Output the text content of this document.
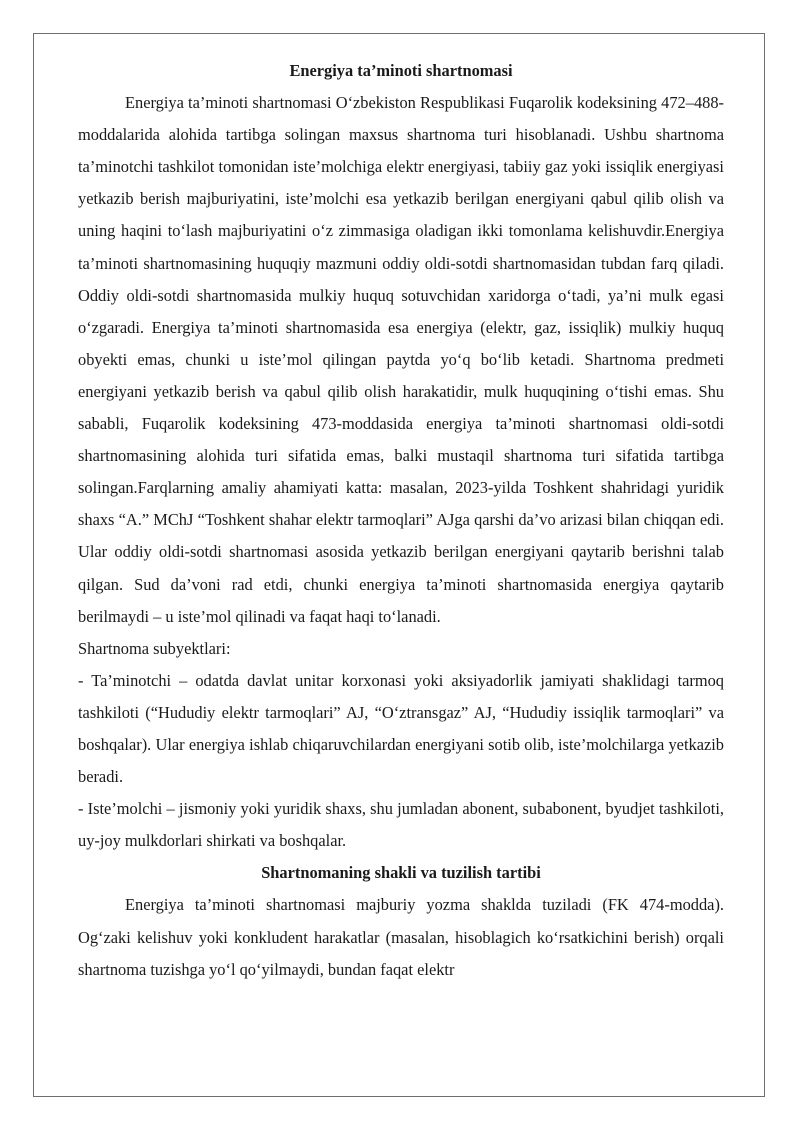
Energiya ta’minoti shartnomasi

Energiya ta’minoti shartnomasi O‘zbekiston Respublikasi Fuqarolik kodeksining 472–488-moddalarida alohida tartibga solingan maxsus shartnoma turi hisoblanadi. Ushbu shartnoma ta’minotchi tashkilot tomonidan iste’molchiga elektr energiyasi, tabiiy gaz yoki issiqlik energiyasi yetkazib berish majburiyatini, iste’molchi esa yetkazib berilgan energiyani qabul qilib olish va uning haqini to‘lash majburiyatini o‘z zimmasiga oladigan ikki tomonlama kelishuvdir.Energiya ta’minoti shartnomasining huquqiy mazmuni oddiy oldi-sotdi shartnomasidan tubdan farq qiladi. Oddiy oldi-sotdi shartnomasida mulkiy huquq sotuvchidan xaridorga o‘tadi, ya’ni mulk egasi o‘zgaradi. Energiya ta’minoti shartnomasida esa energiya (elektr, gaz, issiqlik) mulkiy huquq obyekti emas, chunki u iste’mol qilingan paytda yo‘q bo‘lib ketadi. Shartnoma predmeti energiyani yetkazib berish va qabul qilib olish harakatidir, mulk huquqining o‘tishi emas. Shu sababli, Fuqarolik kodeksining 473-moddasida energiya ta’minoti shartnomasi oldi-sotdi shartnomasining alohida turi sifatida emas, balki mustaqil shartnoma turi sifatida tartibga solingan.Farqlarning amaliy ahamiyati katta: masalan, 2023-yilda Toshkent shahridagi yuridik shaxs “A.” MChJ “Toshkent shahar elektr tarmoqlari” AJga qarshi da’vo arizasi bilan chiqqan edi. Ular oddiy oldi-sotdi shartnomasi asosida yetkazib berilgan energiyani qaytarib berishni talab qilgan. Sud da’voni rad etdi, chunki energiya ta’minoti shartnomasida energiya qaytarib berilmaydi – u iste’mol qilinadi va faqat haqi to‘lanadi.

Shartnoma subyektlari:

- Ta’minotchi – odatda davlat unitar korxonasi yoki aksiyadorlik jamiyati shaklidagi tarmoq tashkiloti (“Hududiy elektr tarmoqlari” AJ, “O‘ztransgaz” AJ, “Hududiy issiqlik tarmoqlari” va boshqalar). Ular energiya ishlab chiqaruvchilardan energiyani sotib olib, iste’molchilarga yetkazib beradi.

- Iste’molchi – jismoniy yoki yuridik shaxs, shu jumladan abonent, subabonent, byudjet tashkiloti, uy-joy mulkdorlari shirkati va boshqalar.

Shartnomaning shakli va tuzilish tartibi

Energiya ta’minoti shartnomasi majburiy yozma shaklda tuziladi (FK 474-modda). Og‘zaki kelishuv yoki konkludent harakatlar (masalan, hisoblagich ko‘rsatkichini berish) orqali shartnoma tuzishga yo‘l qo‘yilmaydi, bundan faqat elektr
